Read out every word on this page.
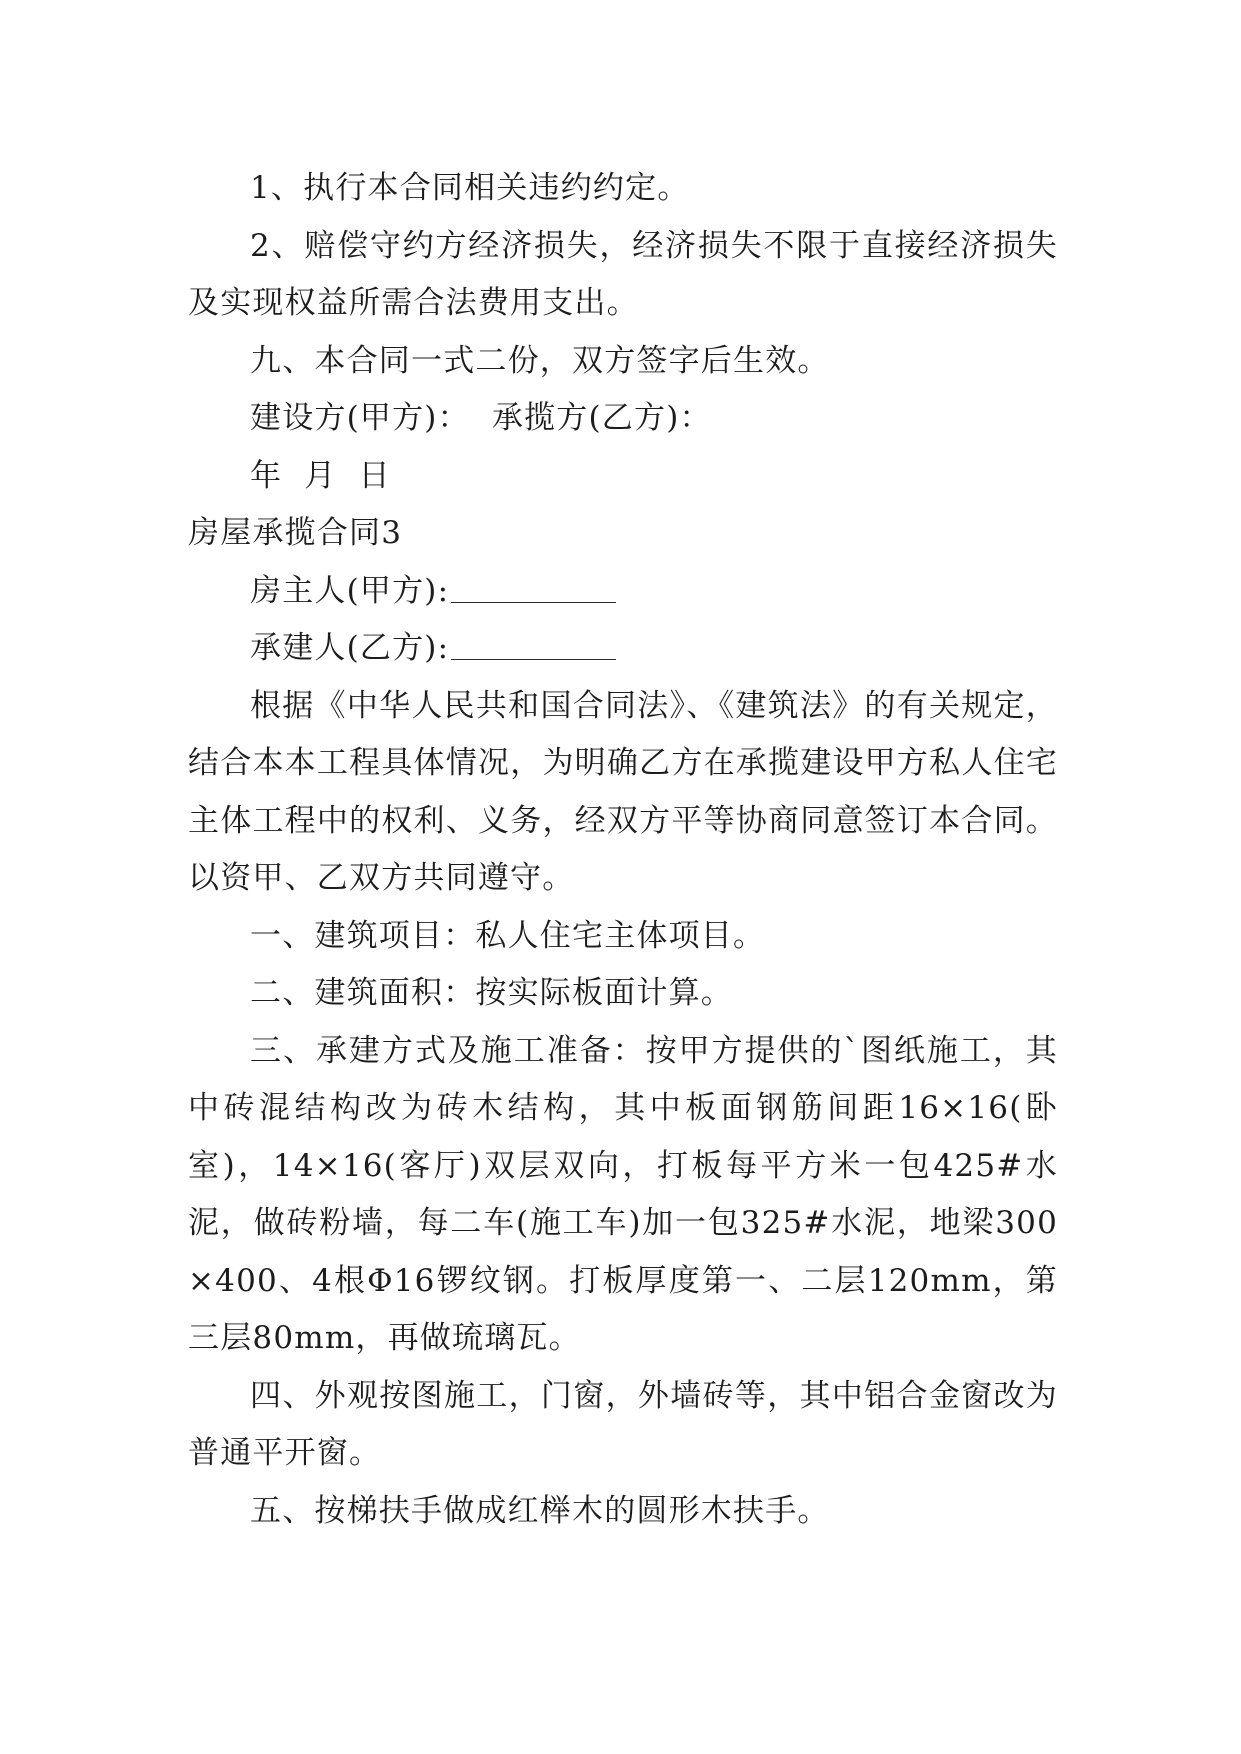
1、执行本合同相关违约约定。

2、赔偿守约方经济损失，经济损失不限于直接经济损失及实现权益所需合法费用支出。

九、本合同一式二份，双方签字后生效。

建设方(甲方)：  承揽方(乙方)：

年  月  日

房屋承揽合同3

房主人(甲方):

承建人(乙方):

根据《中华人民共和国合同法》、《建筑法》的有关规定，结合本本工程具体情况，为明确乙方在承揽建设甲方私人住宅主体工程中的权利、义务，经双方平等协商同意签订本合同。以资甲、乙双方共同遵守。

一、建筑项目：私人住宅主体项目。

二、建筑面积：按实际板面计算。

三、承建方式及施工准备：按甲方提供的`图纸施工，其中砖混结构改为砖木结构，其中板面钢筋间距16×16(卧室)，14×16(客厅)双层双向，打板每平方米一包425#水泥，做砖粉墙，每二车(施工车)加一包325#水泥，地梁300×400、4根Φ16锣纹钢。打板厚度第一、二层120mm，第三层80mm，再做琉璃瓦。

四、外观按图施工，门窗，外墙砖等，其中铝合金窗改为普通平开窗。

五、按梯扶手做成红榉木的圆形木扶手。
